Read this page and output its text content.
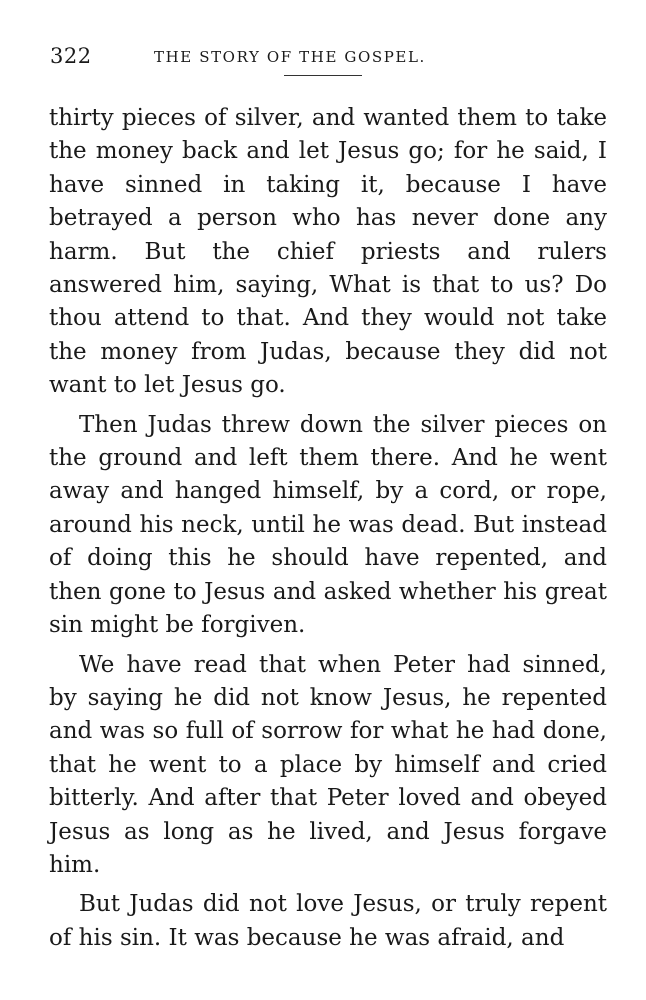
322	THE STORY OF THE GOSPEL.

thirty pieces of silver, and wanted them to take the money back and let Jesus go; for he said, I have sinned in taking it, because I have betrayed a person who has never done any harm. But the chief priests and rulers answered him, saying, What is that to us? Do thou attend to that. And they would not take the money from Judas, because they did not want to let Jesus go.

Then Judas threw down the silver pieces on the ground and left them there. And he went away and hanged himself, by a cord, or rope, around his neck, until he was dead. But instead of doing this he should have repented, and then gone to Jesus and asked whether his great sin might be forgiven.

We have read that when Peter had sinned, by saying he did not know Jesus, he repented and was so full of sorrow for what he had done, that he went to a place by himself and cried bitterly. And after that Peter loved and obeyed Jesus as long as he lived, and Jesus forgave him.

But Judas did not love Jesus, or truly repent of his sin. It was because he was afraid, and
